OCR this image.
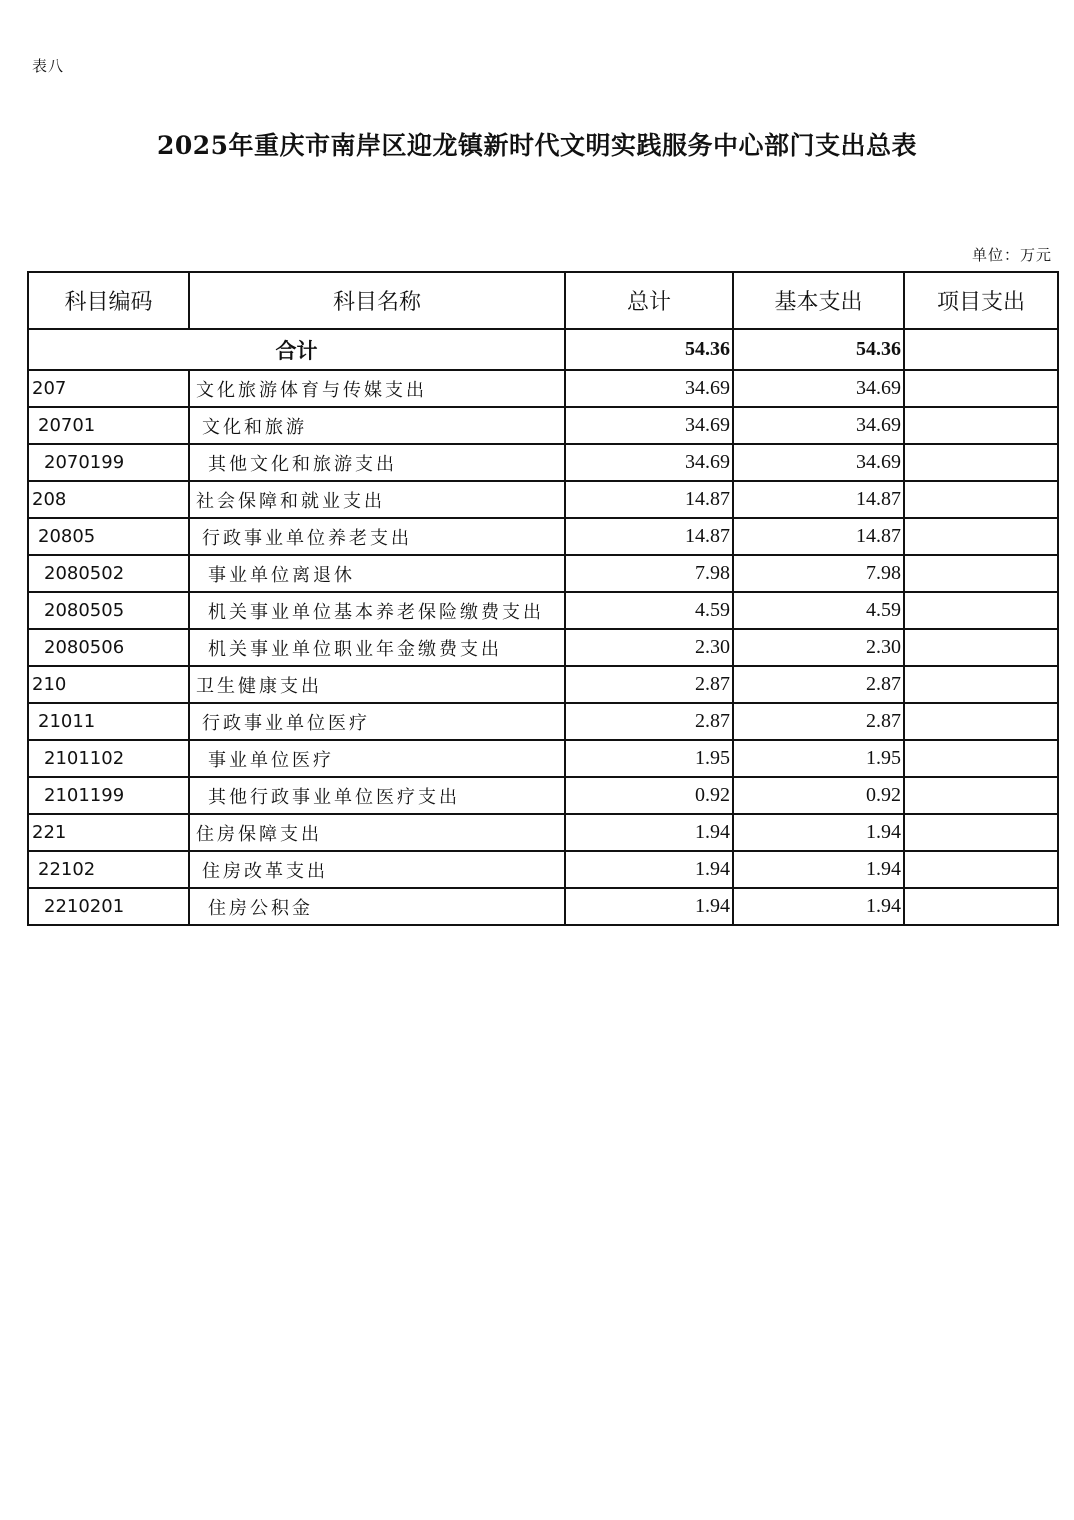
表八
2025年重庆市南岸区迎龙镇新时代文明实践服务中心部门支出总表
单位：万元
科目编码	科目名称	总计	基本支出	项目支出
合计		54.36	54.36	
207	文化旅游体育与传媒支出	34.69	34.69	
20701	文化和旅游	34.69	34.69	
2070199	其他文化和旅游支出	34.69	34.69	
208	社会保障和就业支出	14.87	14.87	
20805	行政事业单位养老支出	14.87	14.87	
2080502	事业单位离退休	7.98	7.98	
2080505	机关事业单位基本养老保险缴费支出	4.59	4.59	
2080506	机关事业单位职业年金缴费支出	2.30	2.30	
210	卫生健康支出	2.87	2.87	
21011	行政事业单位医疗	2.87	2.87	
2101102	事业单位医疗	1.95	1.95	
2101199	其他行政事业单位医疗支出	0.92	0.92	
221	住房保障支出	1.94	1.94	
22102	住房改革支出	1.94	1.94	
2210201	住房公积金	1.94	1.94	
